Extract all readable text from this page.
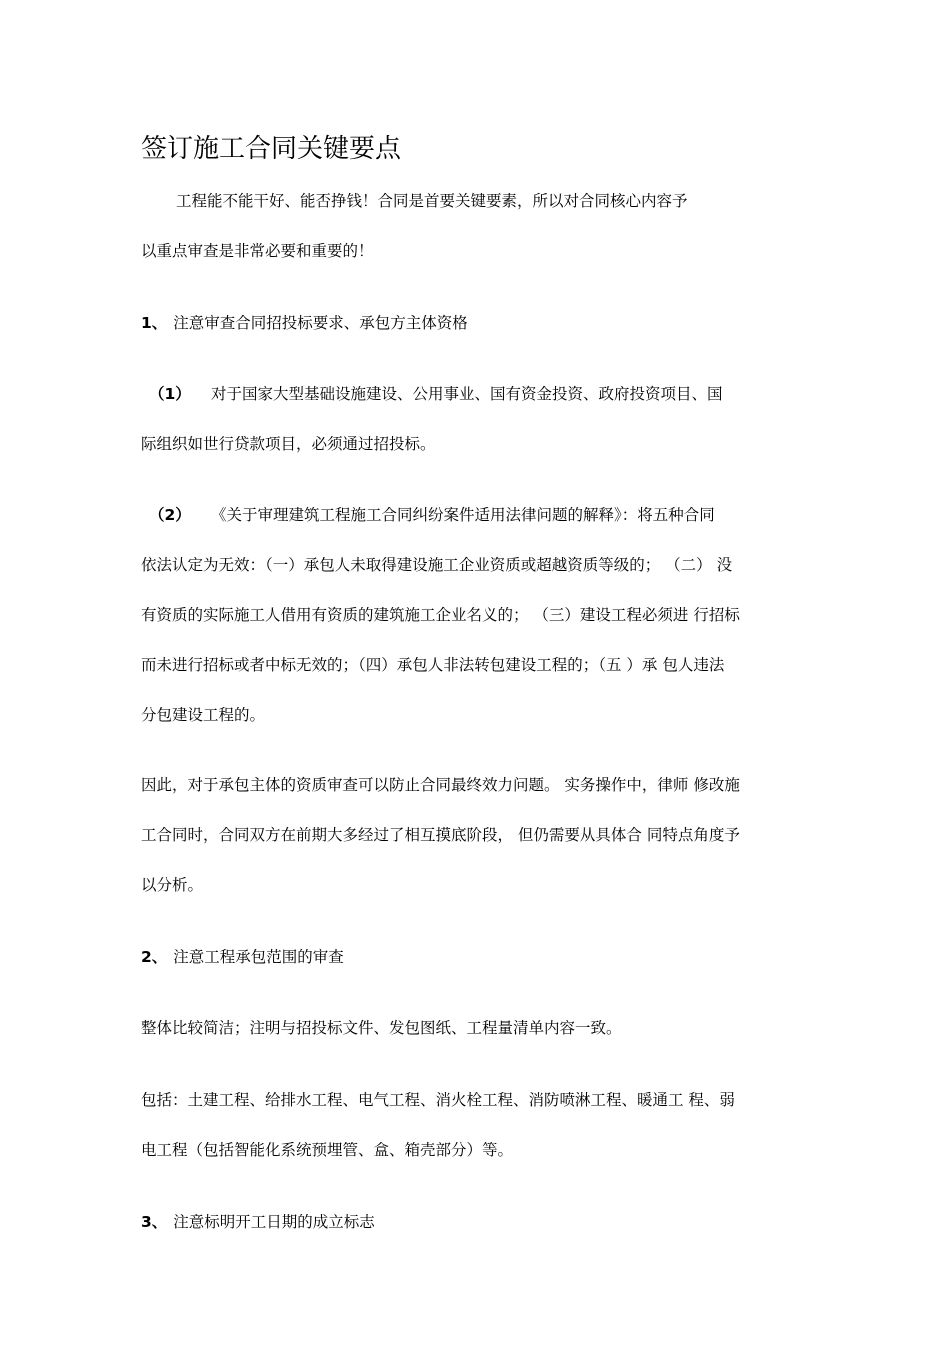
签订施工合同关键要点
工程能不能干好、能否挣钱！合同是首要关键要素，所以对合同核心内容予
以重点审查是非常必要和重要的！
1、 注意审查合同招投标要求、承包方主体资格
（1） 对于国家大型基础设施建设、公用事业、国有资金投资、政府投资项目、国
际组织如世行贷款项目，必须通过招投标。
（2） 《关于审理建筑工程施工合同纠纷案件适用法律问题的解释》：将五种合同
依法认定为无效：（一）承包人未取得建设施工企业资质或超越资质等级的； （二） 没
有资质的实际施工人借用有资质的建筑施工企业名义的； （三）建设工程必须进 行招标
而未进行招标或者中标无效的；（四）承包人非法转包建设工程的；（五 ）承 包人违法
分包建设工程的。
因此，对于承包主体的资质审查可以防止合同最终效力问题。 实务操作中，律师 修改施
工合同时，合同双方在前期大多经过了相互摸底阶段， 但仍需要从具体合 同特点角度予
以分析。
2、 注意工程承包范围的审查
整体比较简洁；注明与招投标文件、发包图纸、工程量清单内容一致。
包括：土建工程、给排水工程、电气工程、消火栓工程、消防喷淋工程、暖通工 程、弱
电工程（包括智能化系统预埋管、盒、箱壳部分）等。
3、 注意标明开工日期的成立标志
